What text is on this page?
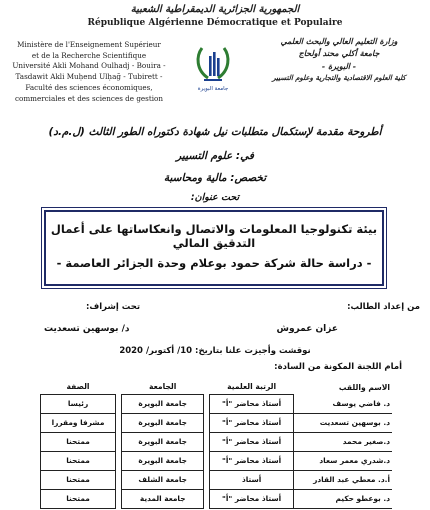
الجمهورية الجزائرية الديمقراطية الشعبية
République Algérienne Démocratique et Populaire
Ministère de l'Enseignement Supérieur
et de la Recherche Scientifique
Université Akli Mohand Oulhadj - Bouira -
Tasdawit Akli Muḥend Ulḥağ - Tubirett -
Faculté des sciences économiques,
commerciales et des sciences de gestion
وزارة التعليم العالي والبحث العلمي
جامعة أكلي محند أولحاج
- البويرة -
كلية العلوم الاقتصادية والتجارية وعلوم التسيير
جامعة البويرة
أطروحة مقدمة لإستكمال متطلبات نيل شهادة دكتوراه الطور الثالث (ل.م.د)
في: علوم التسيير
تخصص: مالية ومحاسبة
تحت عنوان:
بيئة تكنولوجيا المعلومات والاتصال وانعكاساتها على أعمال التدقيق المالي
- دراسة حالة شركة حمود بوعلام وحدة الجزائر العاصمة -
من إعداد الطالب:
تحت إشراف:
عزان عمروش
د/ بوسهين تسعديت
نوقشت وأجيزت علنا بتاريخ: 10/ أكتوبر/ 2020
أمام اللجنة المكونة من السادة:
الاسم واللقب	الرتبة العلمية		الجامعة		الصفة
د. فاضي يوسف	أستاذ محاضر "أ"		جامعة البويرة		رئيسا
د. بوسهين تسعديت	أستاذ محاضر "أ"		جامعة البويرة		مشرفا ومقررا
د.صغير محمد	أستاذ محاضر "أ"		جامعة البويرة		ممتحنا
د.شدري معمر سعاد	أستاذ محاضر "أ"		جامعة البويرة		ممتحنا
أ.د. معطي عبد القادر	أستاذ		جامعة الشلف		ممتحنا
د. بوعطو حكيم	أستاذ محاضر "أ"		جامعة المدية		ممتحنا
